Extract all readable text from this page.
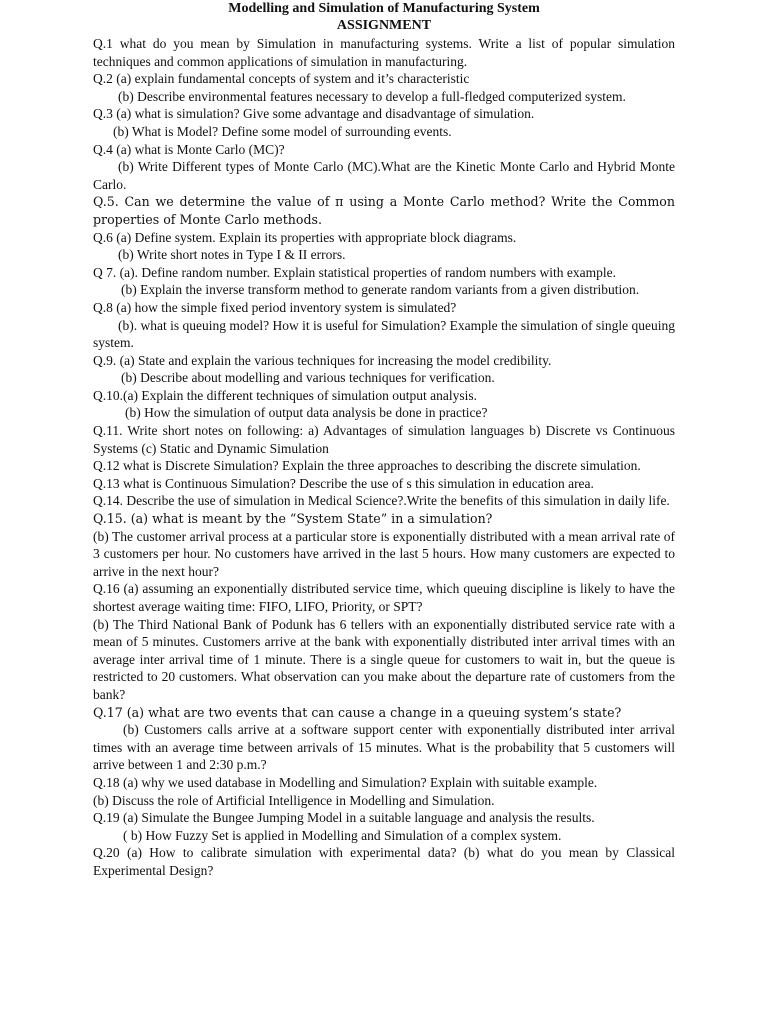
Modelling and Simulation of Manufacturing System
ASSIGNMENT

Q.1 what do you mean by Simulation in manufacturing systems. Write a list of popular simulation techniques and common applications of simulation in manufacturing.

Q.2 (a) explain fundamental concepts of system and it’s characteristic

(b) Describe environmental features necessary to develop a full-fledged computerized system.

Q.3 (a) what is simulation? Give some advantage and disadvantage of simulation.

(b) What is Model? Define some model of surrounding events.

Q.4 (a) what is Monte Carlo (MC)?

(b) Write Different types of Monte Carlo (MC).What are the Kinetic Monte Carlo and Hybrid Monte Carlo.

Q.5. Can we determine the value of π using a Monte Carlo method? Write the Common properties of Monte Carlo methods.

Q.6 (a) Define system. Explain its properties with appropriate block diagrams.

(b) Write short notes in Type I & II errors.

Q 7. (a). Define random number. Explain statistical properties of random numbers with example.

(b) Explain the inverse transform method to generate random variants from a given distribution.

Q.8 (a) how the simple fixed period inventory system is simulated?

(b). what is queuing model? How it is useful for Simulation? Example the simulation of single queuing system.

Q.9. (a) State and explain the various techniques for increasing the model credibility.

(b) Describe about modelling and various techniques for verification.

Q.10.(a) Explain the different techniques of simulation output analysis.

(b) How the simulation of output data analysis be done in practice?

Q.11. Write short notes on following: a) Advantages of simulation languages b) Discrete vs Continuous Systems (c) Static and Dynamic Simulation

Q.12 what is Discrete Simulation? Explain the three approaches to describing the discrete simulation.

Q.13 what is Continuous Simulation? Describe the use of s this simulation in education area.

Q.14. Describe the use of simulation in Medical Science?.Write the benefits of this simulation in daily life.

Q.15. (a) what is meant by the “System State” in a simulation?

(b) The customer arrival process at a particular store is exponentially distributed with a mean arrival rate of 3 customers per hour. No customers have arrived in the last 5 hours. How many customers are expected to arrive in the next hour?

Q.16 (a) assuming an exponentially distributed service time, which queuing discipline is likely to have the shortest average waiting time: FIFO, LIFO, Priority, or SPT?

(b) The Third National Bank of Podunk has 6 tellers with an exponentially distributed service rate with a mean of 5 minutes. Customers arrive at the bank with exponentially distributed inter arrival times with an average inter arrival time of 1 minute. There is a single queue for customers to wait in, but the queue is restricted to 20 customers. What observation can you make about the departure rate of customers from the bank?

Q.17 (a) what are two events that can cause a change in a queuing system’s state?

(b) Customers calls arrive at a software support center with exponentially distributed inter arrival times with an average time between arrivals of 15 minutes. What is the probability that 5 customers will arrive between 1 and 2:30 p.m.?

Q.18 (a) why we used database in Modelling and Simulation? Explain with suitable example.

(b) Discuss the role of Artificial Intelligence in Modelling and Simulation.

Q.19 (a) Simulate the Bungee Jumping Model in a suitable language and analysis the results.

( b) How Fuzzy Set is applied in Modelling and Simulation of a complex system.

Q.20 (a) How to calibrate simulation with experimental data? (b) what do you mean by Classical Experimental Design?
